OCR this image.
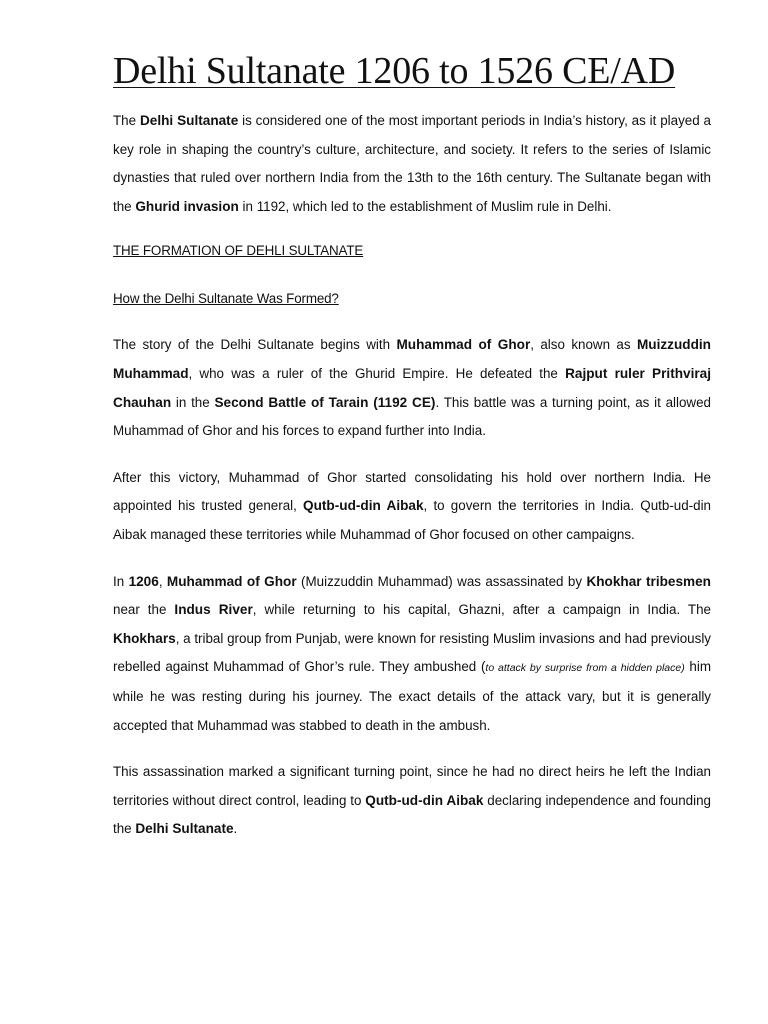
Delhi Sultanate 1206 to 1526 CE/AD

The Delhi Sultanate is considered one of the most important periods in India’s history, as it played a key role in shaping the country’s culture, architecture, and society. It refers to the series of Islamic dynasties that ruled over northern India from the 13th to the 16th century. The Sultanate began with the Ghurid invasion in 1192, which led to the establishment of Muslim rule in Delhi.

THE FORMATION OF DEHLI SULTANATE
How the Delhi Sultanate Was Formed?

The story of the Delhi Sultanate begins with Muhammad of Ghor, also known as Muizzuddin Muhammad, who was a ruler of the Ghurid Empire. He defeated the Rajput ruler Prithviraj Chauhan in the Second Battle of Tarain (1192 CE). This battle was a turning point, as it allowed Muhammad of Ghor and his forces to expand further into India.

After this victory, Muhammad of Ghor started consolidating his hold over northern India. He appointed his trusted general, Qutb-ud-din Aibak, to govern the territories in India. Qutb-ud-din Aibak managed these territories while Muhammad of Ghor focused on other campaigns.

In 1206, Muhammad of Ghor (Muizzuddin Muhammad) was assassinated by Khokhar tribesmen near the Indus River, while returning to his capital, Ghazni, after a campaign in India. The Khokhars, a tribal group from Punjab, were known for resisting Muslim invasions and had previously rebelled against Muhammad of Ghor’s rule. They ambushed (to attack by surprise from a hidden place) him while he was resting during his journey. The exact details of the attack vary, but it is generally accepted that Muhammad was stabbed to death in the ambush.

This assassination marked a significant turning point, since he had no direct heirs he left the Indian territories without direct control, leading to Qutb-ud-din Aibak declaring independence and founding the Delhi Sultanate.
